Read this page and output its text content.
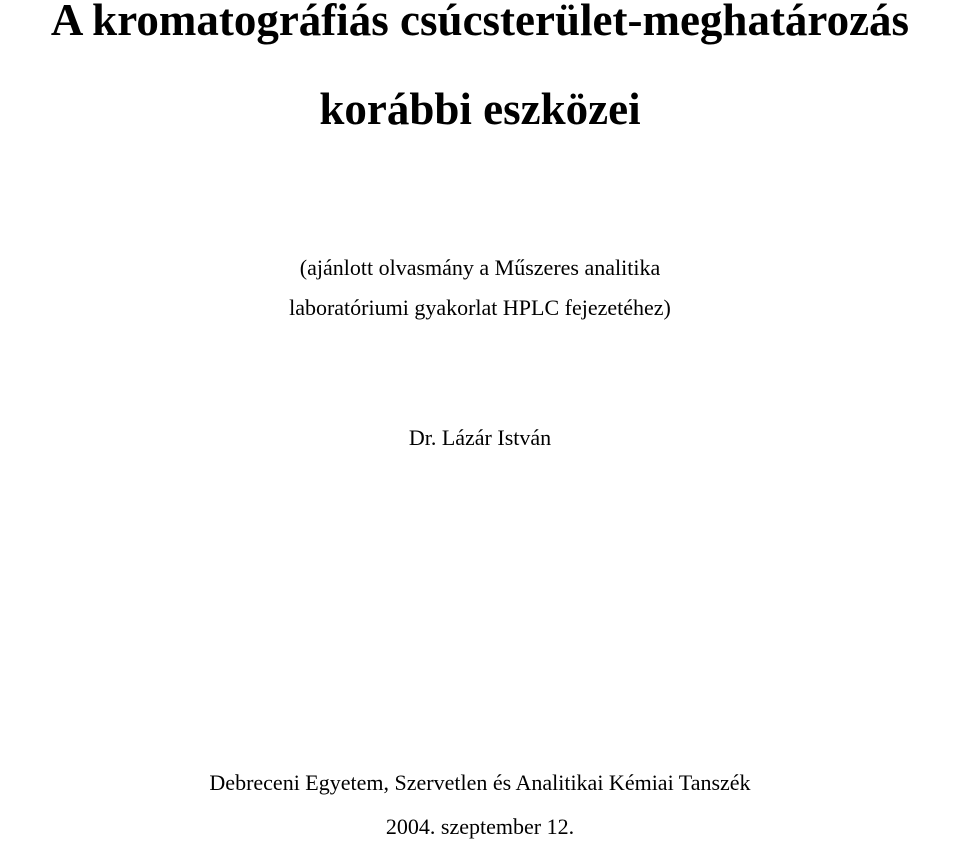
A kromatográfiás csúcsterület-meghatározás
korábbi eszközei
(ajánlott olvasmány a Műszeres analitika
laboratóriumi gyakorlat HPLC fejezetéhez)
Dr. Lázár István
Debreceni Egyetem, Szervetlen és Analitikai Kémiai Tanszék
2004. szeptember 12.
